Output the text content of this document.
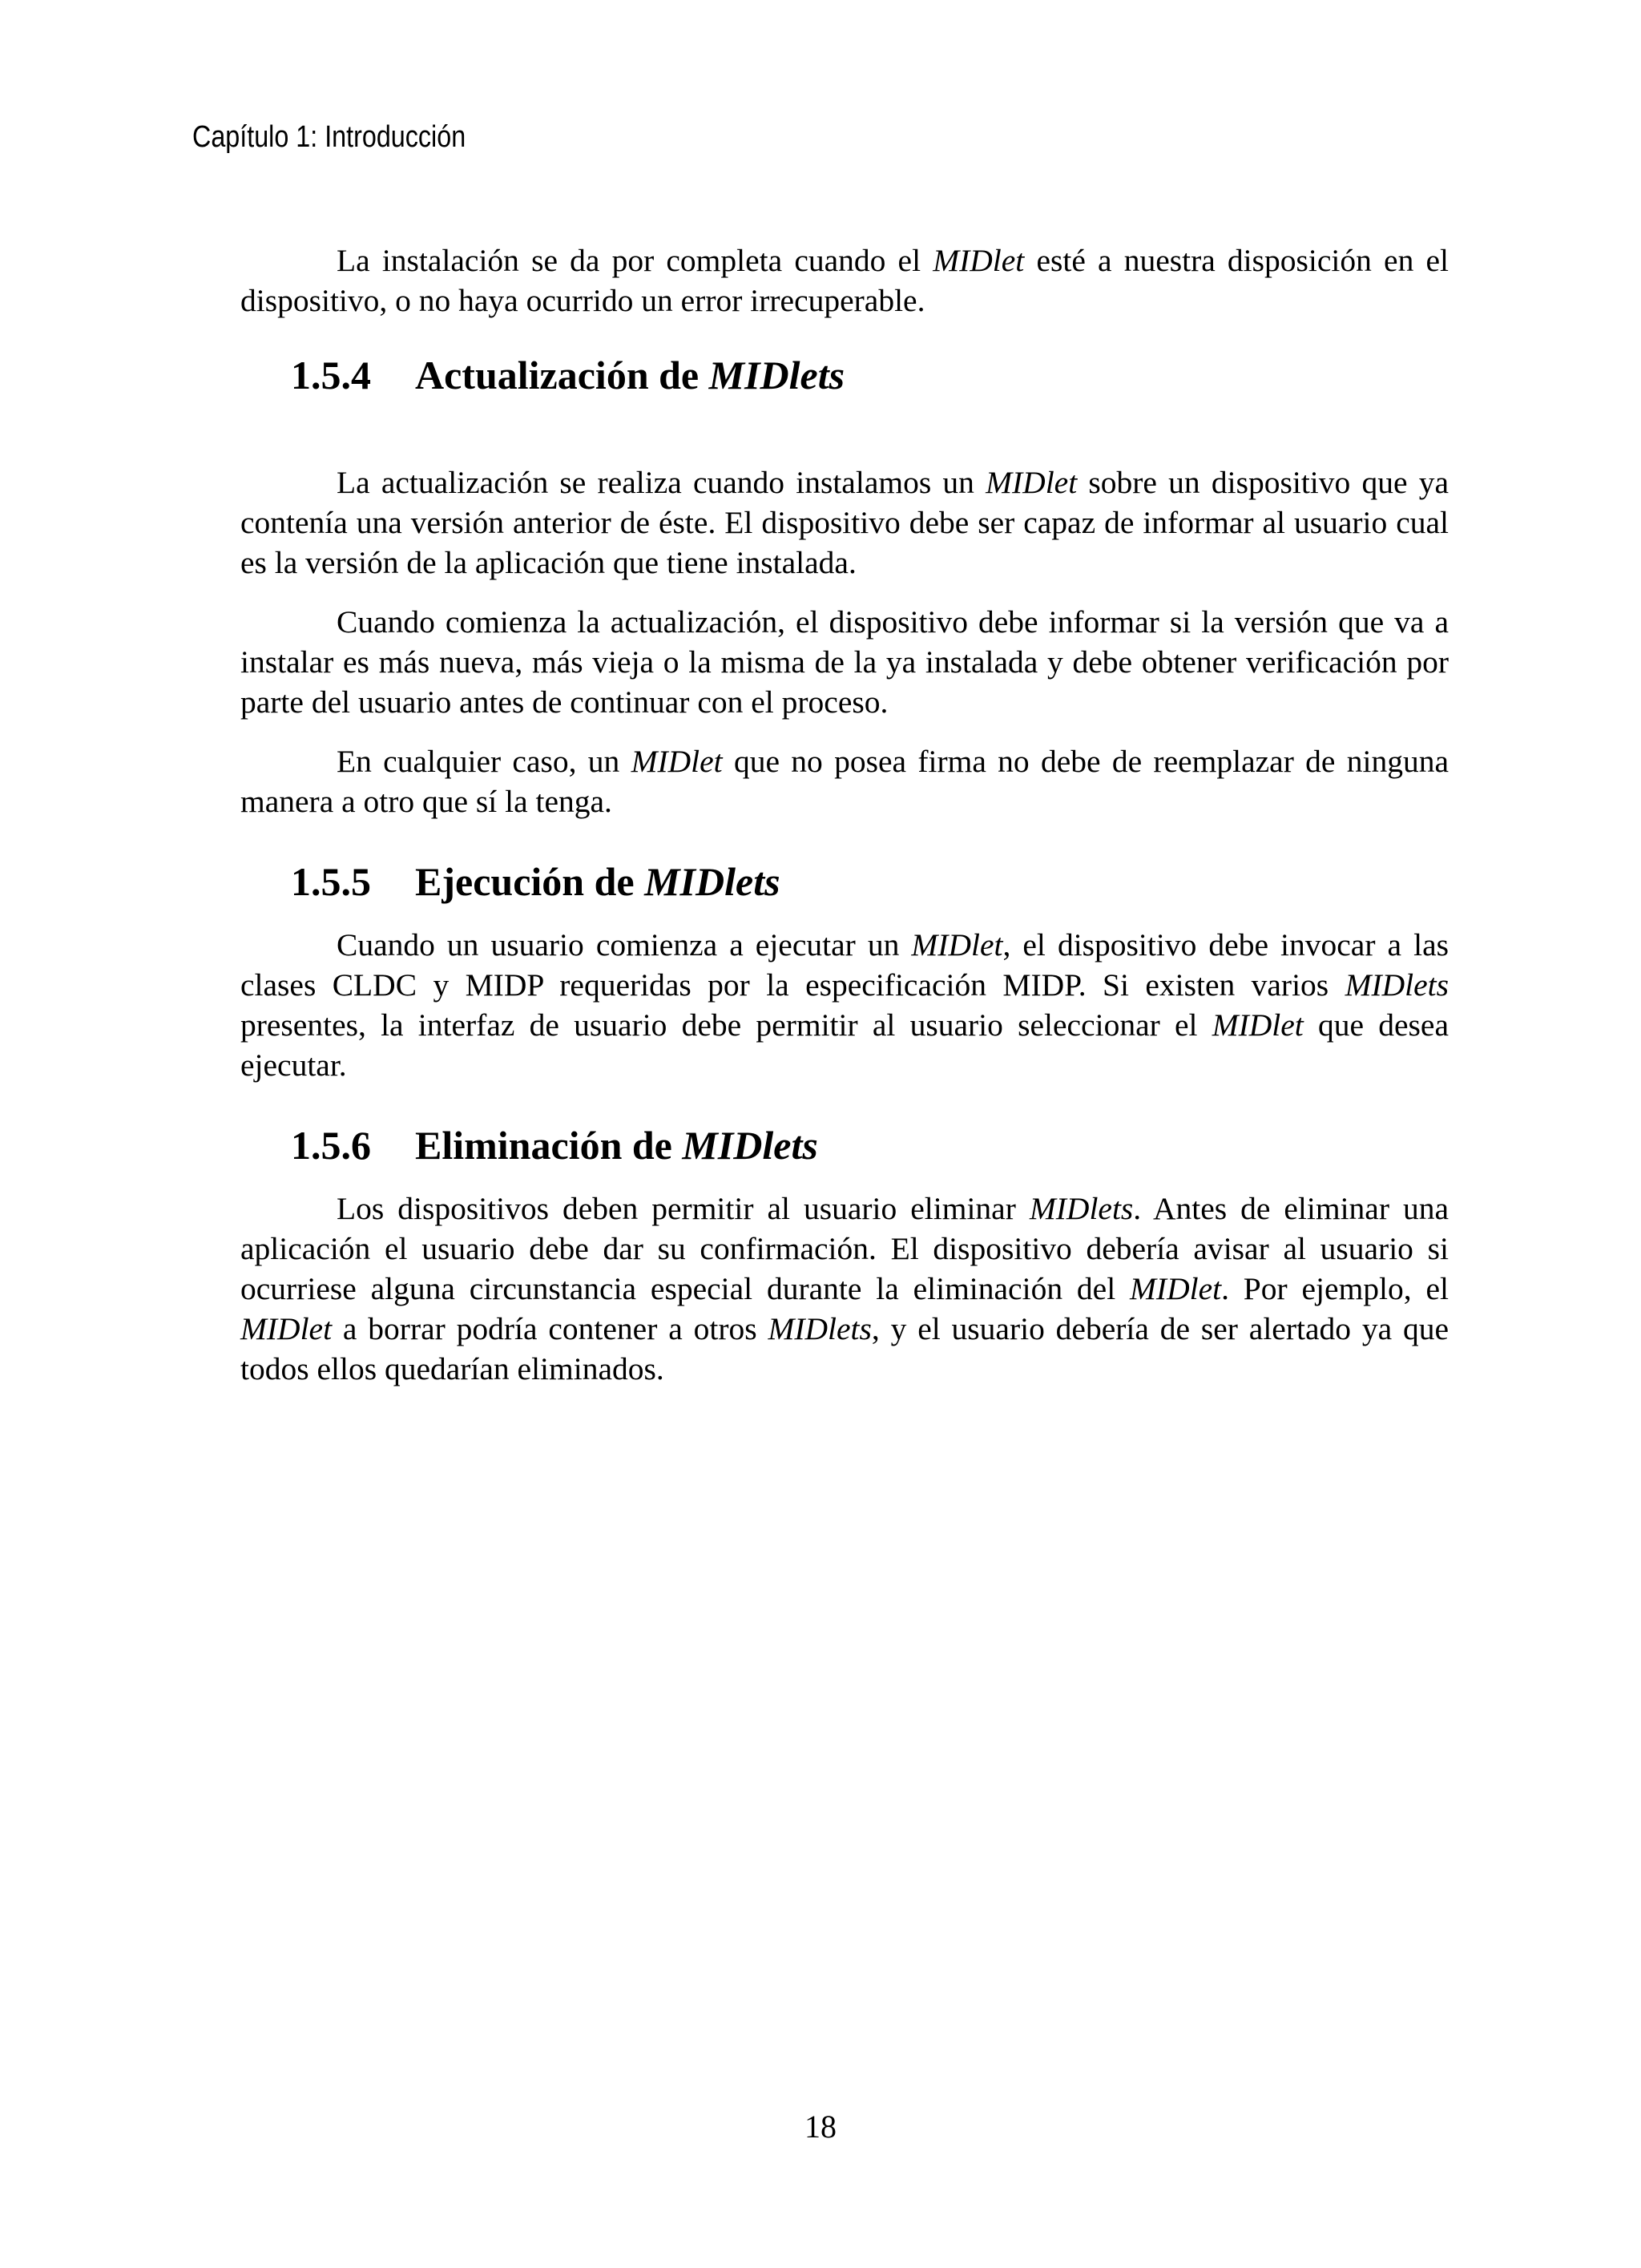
Capítulo 1: Introducción

La instalación se da por completa cuando el MIDlet esté a nuestra disposición en el dispositivo, o no haya ocurrido un error irrecuperable.

1.5.4 Actualización de MIDlets

La actualización se realiza cuando instalamos un MIDlet sobre un dispositivo que ya contenía una versión anterior de éste. El dispositivo debe ser capaz de informar al usuario cual es la versión de la aplicación que tiene instalada.

Cuando comienza la actualización, el dispositivo debe informar si la versión que va a instalar es más nueva, más vieja o la misma de la ya instalada y debe obtener verificación por parte del usuario antes de continuar con el proceso.

En cualquier caso, un MIDlet que no posea firma no debe de reemplazar de ninguna manera a otro que sí la tenga.

1.5.5 Ejecución de MIDlets

Cuando un usuario comienza a ejecutar un MIDlet, el dispositivo debe invocar a las clases CLDC y MIDP requeridas por la especificación MIDP. Si existen varios MIDlets presentes, la interfaz de usuario debe permitir al usuario seleccionar el MIDlet que desea ejecutar.

1.5.6 Eliminación de MIDlets

Los dispositivos deben permitir al usuario eliminar MIDlets. Antes de eliminar una aplicación el usuario debe dar su confirmación. El dispositivo debería avisar al usuario si ocurriese alguna circunstancia especial durante la eliminación del MIDlet. Por ejemplo, el MIDlet a borrar podría contener a otros MIDlets, y el usuario debería de ser alertado ya que todos ellos quedarían eliminados.

18
